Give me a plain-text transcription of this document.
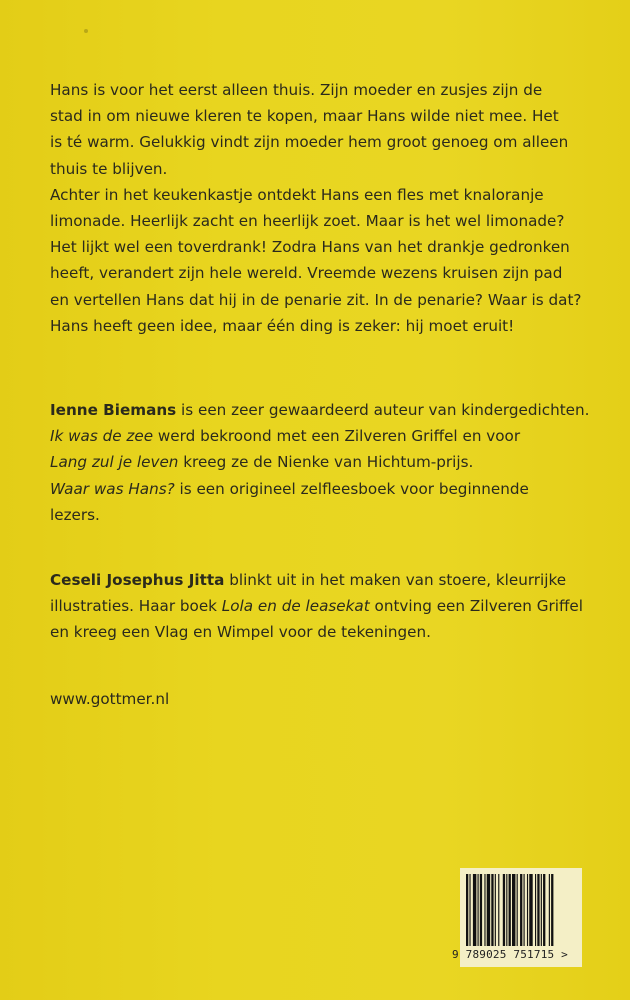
Hans is voor het eerst alleen thuis. Zijn moeder en zusjes zijn de

stad in om nieuwe kleren te kopen, maar Hans wilde niet mee. Het

is té warm. Gelukkig vindt zijn moeder hem groot genoeg om alleen

thuis te blijven.

Achter in het keukenkastje ontdekt Hans een fles met knaloranje

limonade. Heerlijk zacht en heerlijk zoet. Maar is het wel limonade?

Het lijkt wel een toverdrank! Zodra Hans van het drankje gedronken

heeft, verandert zijn hele wereld. Vreemde wezens kruisen zijn pad

en vertellen Hans dat hij in de penarie zit. In de penarie? Waar is dat?

Hans heeft geen idee, maar één ding is zeker: hij moet eruit!

Ienne Biemans is een zeer gewaardeerd auteur van kindergedichten.

Ik was de zee werd bekroond met een Zilveren Griffel en voor

Lang zul je leven kreeg ze de Nienke van Hichtum-prijs.

Waar was Hans? is een origineel zelfleesboek voor beginnende

lezers.

Ceseli Josephus Jitta blinkt uit in het maken van stoere, kleurrijke

illustraties. Haar boek Lola en de leasekat ontving een Zilveren Griffel

en kreeg een Vlag en Wimpel voor de tekeningen.

www.gottmer.nl

9 789025 751715 >
